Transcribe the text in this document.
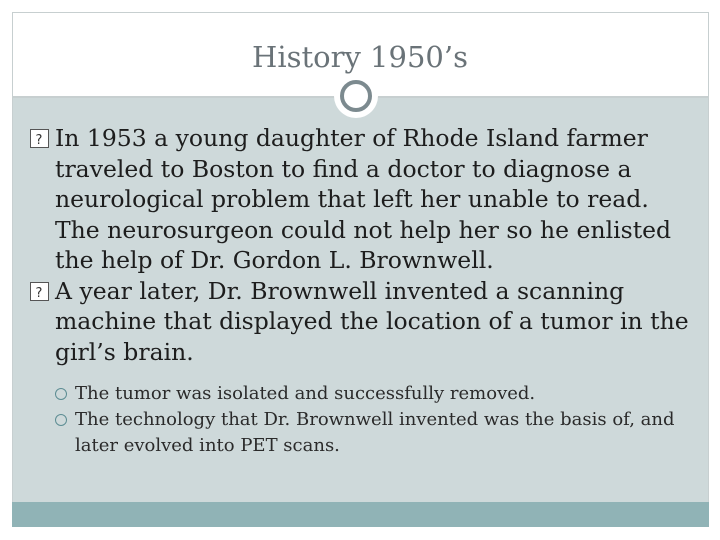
History 1950’s
?
In 1953 a young daughter of Rhode Island farmer traveled to Boston to find a doctor to diagnose a neurological problem that left her unable to read. The neurosurgeon could not help her so he enlisted the help of Dr. Gordon L. Brownwell.
?
A year later, Dr. Brownwell invented a scanning machine that displayed the location of a tumor in the girl’s brain.
The tumor was isolated and successfully removed.
The technology that Dr. Brownwell invented was the basis of, and later evolved into PET scans.
